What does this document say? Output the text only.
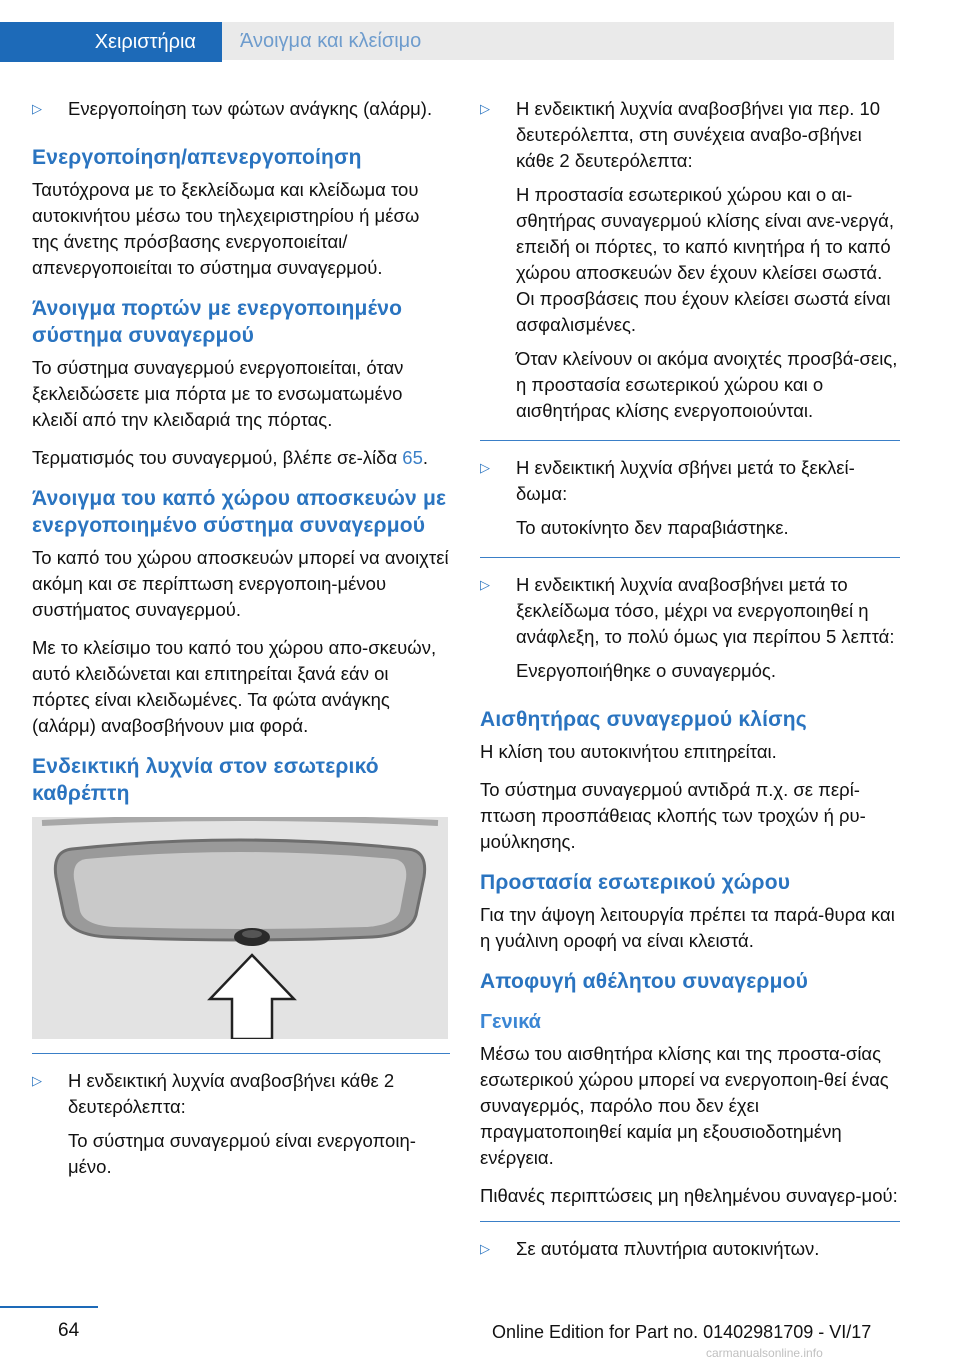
Χειριστήρια Άνοιγμα και κλείσιμο
▷	Ενεργοποίηση των φώτων ανάγκης (αλάρμ).

Ενεργοποίηση/απενεργοποίηση

Ταυτόχρονα με το ξεκλείδωμα και κλείδωμα του αυτοκινήτου μέσω του τηλεχειριστηρίου ή μέσω της άνετης πρόσβασης ενεργοποιείται/απενεργοποιείται το σύστημα συναγερμού.

Άνοιγμα πορτών με ενεργοποιημένο σύστημα συναγερμού

Το σύστημα συναγερμού ενεργοποιείται, όταν ξεκλειδώσετε μια πόρτα με το ενσωματωμένο κλειδί από την κλειδαριά της πόρτας.

Τερματισμός του συναγερμού, βλέπε σε-λίδα 65.

Άνοιγμα του καπό χώρου αποσκευών με ενεργοποιημένο σύστημα συναγερμού

Το καπό του χώρου αποσκευών μπορεί να ανοιχτεί ακόμη και σε περίπτωση ενεργοποιη-μένου συστήματος συναγερμού.

Με το κλείσιμο του καπό του χώρου απο-σκευών, αυτό κλειδώνεται και επιτηρείται ξανά εάν οι πόρτες είναι κλειδωμένες. Τα φώτα ανάγκης (αλάρμ) αναβοσβήνουν μια φορά.

Ενδεικτική λυχνία στον εσωτερικό καθρέπτη
▷	Η ενδεικτική λυχνία αναβοσβήνει κάθε 2 δευτερόλεπτα:

Το σύστημα συναγερμού είναι ενεργοποιη-μένο.

▷	Η ενδεικτική λυχνία αναβοσβήνει για περ. 10 δευτερόλεπτα, στη συνέχεια αναβο-σβήνει κάθε 2 δευτερόλεπτα:

Η προστασία εσωτερικού χώρου και ο αι-σθητήρας συναγερμού κλίσης είναι ανε-νεργά, επειδή οι πόρτες, το καπό κινητήρα ή το καπό χώρου αποσκευών δεν έχουν κλείσει σωστά. Οι προσβάσεις που έχουν κλείσει σωστά είναι ασφαλισμένες.

Όταν κλείνουν οι ακόμα ανοιχτές προσβά-σεις, η προστασία εσωτερικού χώρου και ο αισθητήρας κλίσης ενεργοποιούνται.

▷	Η ενδεικτική λυχνία σβήνει μετά το ξεκλεί-δωμα:

Το αυτοκίνητο δεν παραβιάστηκε.

▷	Η ενδεικτική λυχνία αναβοσβήνει μετά το ξεκλείδωμα τόσο, μέχρι να ενεργοποιηθεί η ανάφλεξη, το πολύ όμως για περίπου 5 λεπτά:

Ενεργοποιήθηκε ο συναγερμός.

Αισθητήρας συναγερμού κλίσης

Η κλίση του αυτοκινήτου επιτηρείται.

Το σύστημα συναγερμού αντιδρά π.χ. σε περί-πτωση προσπάθειας κλοπής των τροχών ή ρυ-μούλκησης.

Προστασία εσωτερικού χώρου

Για την άψογη λειτουργία πρέπει τα παρά-θυρα και η γυάλινη οροφή να είναι κλειστά.

Αποφυγή αθέλητου συναγερμού
Γενικά

Μέσω του αισθητήρα κλίσης και της προστα-σίας εσωτερικού χώρου μπορεί να ενεργοποιη-θεί ένας συναγερμός, παρόλο που δεν έχει πραγματοποιηθεί καμία μη εξουσιοδοτημένη ενέργεια.

Πιθανές περιπτώσεις μη ηθελημένου συναγερ-μού:

▷	Σε αυτόματα πλυντήρια αυτοκινήτων.

64	Online Edition for Part no. 01402981709 - VI/17
carmanualsonline.info
